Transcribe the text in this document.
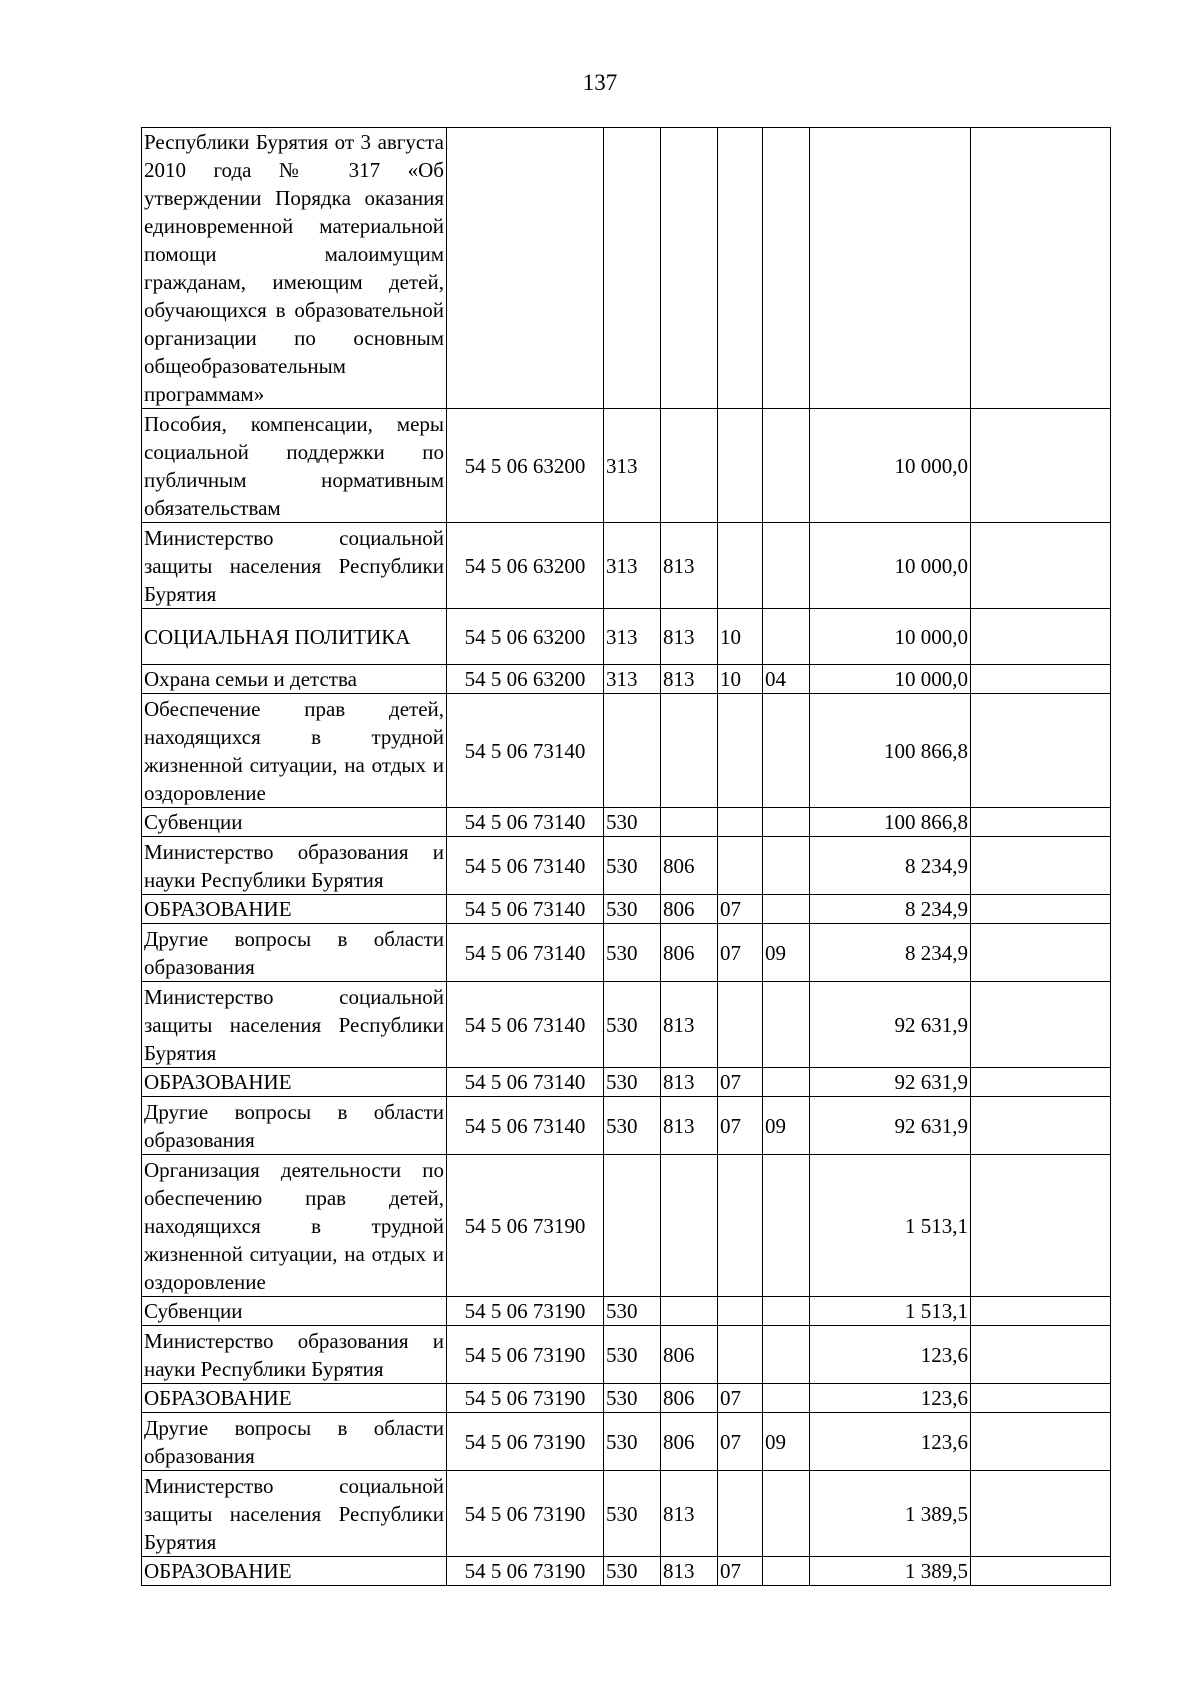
137
Республики Бурятия от 3 августа 2010 года № 317 «Об утверждении Порядка оказания единовременной материальной помощи малоимущим гражданам, имеющим детей, обучающихся в образовательной организации по основным общеобразовательным программам»							
Пособия, компенсации, меры социальной поддержки по публичным нормативным обязательствам	54 5 06 63200	313				10 000,0	
Министерство социальной защиты населения Республики Бурятия	54 5 06 63200	313	813			10 000,0	
СОЦИАЛЬНАЯ ПОЛИТИКА	54 5 06 63200	313	813	10		10 000,0	
Охрана семьи и детства	54 5 06 63200	313	813	10	04	10 000,0	
Обеспечение прав детей, находящихся в трудной жизненной ситуации, на отдых и оздоровление	54 5 06 73140					100 866,8	
Субвенции	54 5 06 73140	530				100 866,8	
Министерство образования и науки Республики Бурятия	54 5 06 73140	530	806			8 234,9	
ОБРАЗОВАНИЕ	54 5 06 73140	530	806	07		8 234,9	
Другие вопросы в области образования	54 5 06 73140	530	806	07	09	8 234,9	
Министерство социальной защиты населения Республики Бурятия	54 5 06 73140	530	813			92 631,9	
ОБРАЗОВАНИЕ	54 5 06 73140	530	813	07		92 631,9	
Другие вопросы в области образования	54 5 06 73140	530	813	07	09	92 631,9	
Организация деятельности по обеспечению прав детей, находящихся в трудной жизненной ситуации, на отдых и оздоровление	54 5 06 73190					1 513,1	
Субвенции	54 5 06 73190	530				1 513,1	
Министерство образования и науки Республики Бурятия	54 5 06 73190	530	806			123,6	
ОБРАЗОВАНИЕ	54 5 06 73190	530	806	07		123,6	
Другие вопросы в области образования	54 5 06 73190	530	806	07	09	123,6	
Министерство социальной защиты населения Республики Бурятия	54 5 06 73190	530	813			1 389,5	
ОБРАЗОВАНИЕ	54 5 06 73190	530	813	07		1 389,5	
